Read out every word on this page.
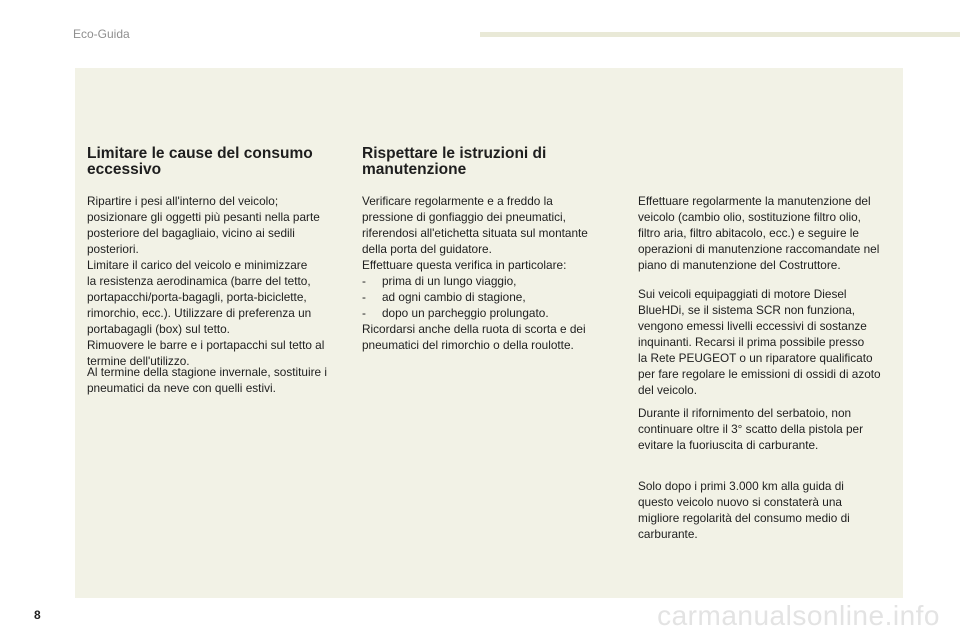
Eco-Guida
Limitare le cause del consumo
eccessivo

Ripartire i pesi all'interno del veicolo;

posizionare gli oggetti più pesanti nella parte

posteriore del bagagliaio, vicino ai sedili

posteriori.

Limitare il carico del veicolo e minimizzare

la resistenza aerodinamica (barre del tetto,

portapacchi/porta-bagagli, porta-biciclette,

rimorchio, ecc.). Utilizzare di preferenza un

portabagagli (box) sul tetto.

Rimuovere le barre e i portapacchi sul tetto al

termine dell'utilizzo.

Al termine della stagione invernale, sostituire i

pneumatici da neve con quelli estivi.

Rispettare le istruzioni di
manutenzione

Verificare regolarmente e a freddo la

pressione di gonfiaggio dei pneumatici,

riferendosi all'etichetta situata sul montante

della porta del guidatore.

Effettuare questa verifica in particolare:

-	prima di un lungo viaggio,
-	ad ogni cambio di stagione,
-	dopo un parcheggio prolungato.

Ricordarsi anche della ruota di scorta e dei

pneumatici del rimorchio o della roulotte.

Effettuare regolarmente la manutenzione del

veicolo (cambio olio, sostituzione filtro olio,

filtro aria, filtro abitacolo, ecc.) e seguire le

operazioni di manutenzione raccomandate nel

piano di manutenzione del Costruttore.

Sui veicoli equipaggiati di motore Diesel

BlueHDi, se il sistema SCR non funziona,

vengono emessi livelli eccessivi di sostanze

inquinanti. Recarsi il prima possibile presso

la Rete PEUGEOT o un riparatore qualificato

per fare regolare le emissioni di ossidi di azoto

del veicolo.

Durante il rifornimento del serbatoio, non

continuare oltre il 3° scatto della pistola per

evitare la fuoriuscita di carburante.

Solo dopo i primi 3.000 km alla guida di

questo veicolo nuovo si constaterà una

migliore regolarità del consumo medio di

carburante.

8	carmanualsonline.info
